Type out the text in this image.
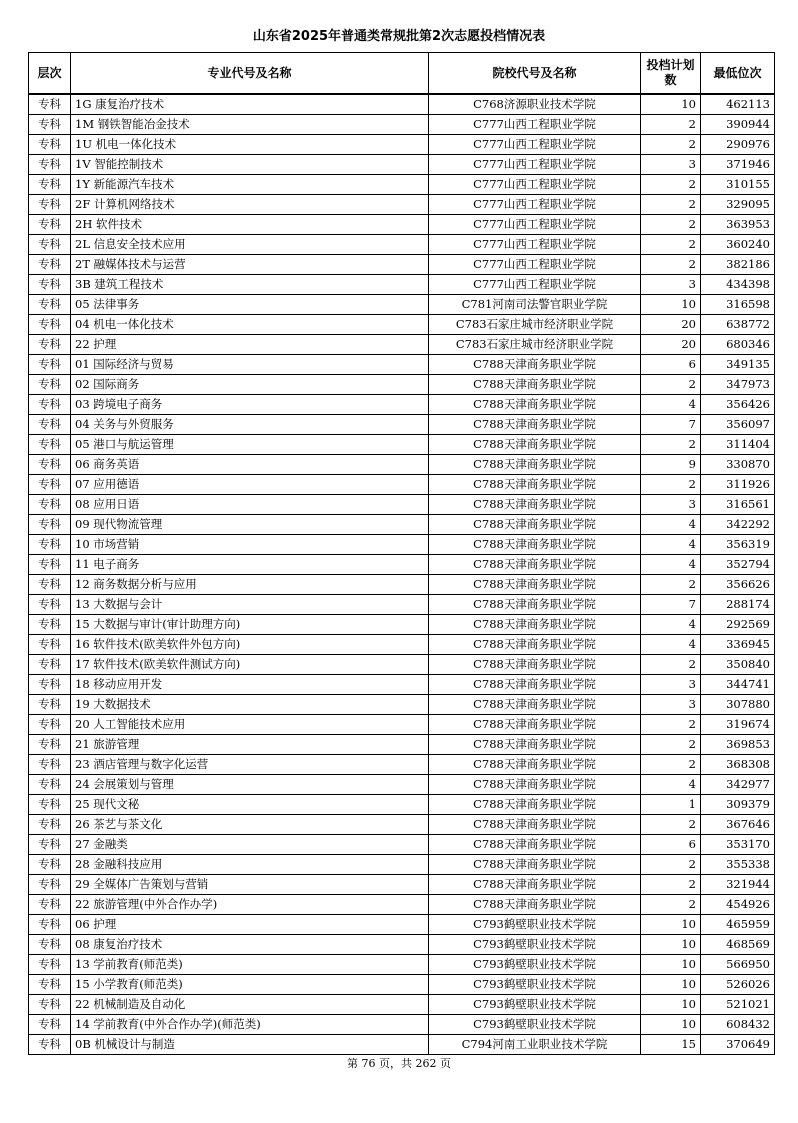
山东省2025年普通类常规批第2次志愿投档情况表
层次	专业代号及名称	院校代号及名称	投档计划数	最低位次
专科	1G 康复治疗技术	C768济源职业技术学院	10	462113
专科	1M 钢铁智能冶金技术	C777山西工程职业学院	2	390944
专科	1U 机电一体化技术	C777山西工程职业学院	2	290976
专科	1V 智能控制技术	C777山西工程职业学院	3	371946
专科	1Y 新能源汽车技术	C777山西工程职业学院	2	310155
专科	2F 计算机网络技术	C777山西工程职业学院	2	329095
专科	2H 软件技术	C777山西工程职业学院	2	363953
专科	2L 信息安全技术应用	C777山西工程职业学院	2	360240
专科	2T 融媒体技术与运营	C777山西工程职业学院	2	382186
专科	3B 建筑工程技术	C777山西工程职业学院	3	434398
专科	05 法律事务	C781河南司法警官职业学院	10	316598
专科	04 机电一体化技术	C783石家庄城市经济职业学院	20	638772
专科	22 护理	C783石家庄城市经济职业学院	20	680346
专科	01 国际经济与贸易	C788天津商务职业学院	6	349135
专科	02 国际商务	C788天津商务职业学院	2	347973
专科	03 跨境电子商务	C788天津商务职业学院	4	356426
专科	04 关务与外贸服务	C788天津商务职业学院	7	356097
专科	05 港口与航运管理	C788天津商务职业学院	2	311404
专科	06 商务英语	C788天津商务职业学院	9	330870
专科	07 应用德语	C788天津商务职业学院	2	311926
专科	08 应用日语	C788天津商务职业学院	3	316561
专科	09 现代物流管理	C788天津商务职业学院	4	342292
专科	10 市场营销	C788天津商务职业学院	4	356319
专科	11 电子商务	C788天津商务职业学院	4	352794
专科	12 商务数据分析与应用	C788天津商务职业学院	2	356626
专科	13 大数据与会计	C788天津商务职业学院	7	288174
专科	15 大数据与审计(审计助理方向)	C788天津商务职业学院	4	292569
专科	16 软件技术(欧美软件外包方向)	C788天津商务职业学院	4	336945
专科	17 软件技术(欧美软件测试方向)	C788天津商务职业学院	2	350840
专科	18 移动应用开发	C788天津商务职业学院	3	344741
专科	19 大数据技术	C788天津商务职业学院	3	307880
专科	20 人工智能技术应用	C788天津商务职业学院	2	319674
专科	21 旅游管理	C788天津商务职业学院	2	369853
专科	23 酒店管理与数字化运营	C788天津商务职业学院	2	368308
专科	24 会展策划与管理	C788天津商务职业学院	4	342977
专科	25 现代文秘	C788天津商务职业学院	1	309379
专科	26 茶艺与茶文化	C788天津商务职业学院	2	367646
专科	27 金融类	C788天津商务职业学院	6	353170
专科	28 金融科技应用	C788天津商务职业学院	2	355338
专科	29 全媒体广告策划与营销	C788天津商务职业学院	2	321944
专科	22 旅游管理(中外合作办学)	C788天津商务职业学院	2	454926
专科	06 护理	C793鹤壁职业技术学院	10	465959
专科	08 康复治疗技术	C793鹤壁职业技术学院	10	468569
专科	13 学前教育(师范类)	C793鹤壁职业技术学院	10	566950
专科	15 小学教育(师范类)	C793鹤壁职业技术学院	10	526026
专科	22 机械制造及自动化	C793鹤壁职业技术学院	10	521021
专科	14 学前教育(中外合作办学)(师范类)	C793鹤壁职业技术学院	10	608432
专科	0B 机械设计与制造	C794河南工业职业技术学院	15	370649
第 76 页，共 262 页
